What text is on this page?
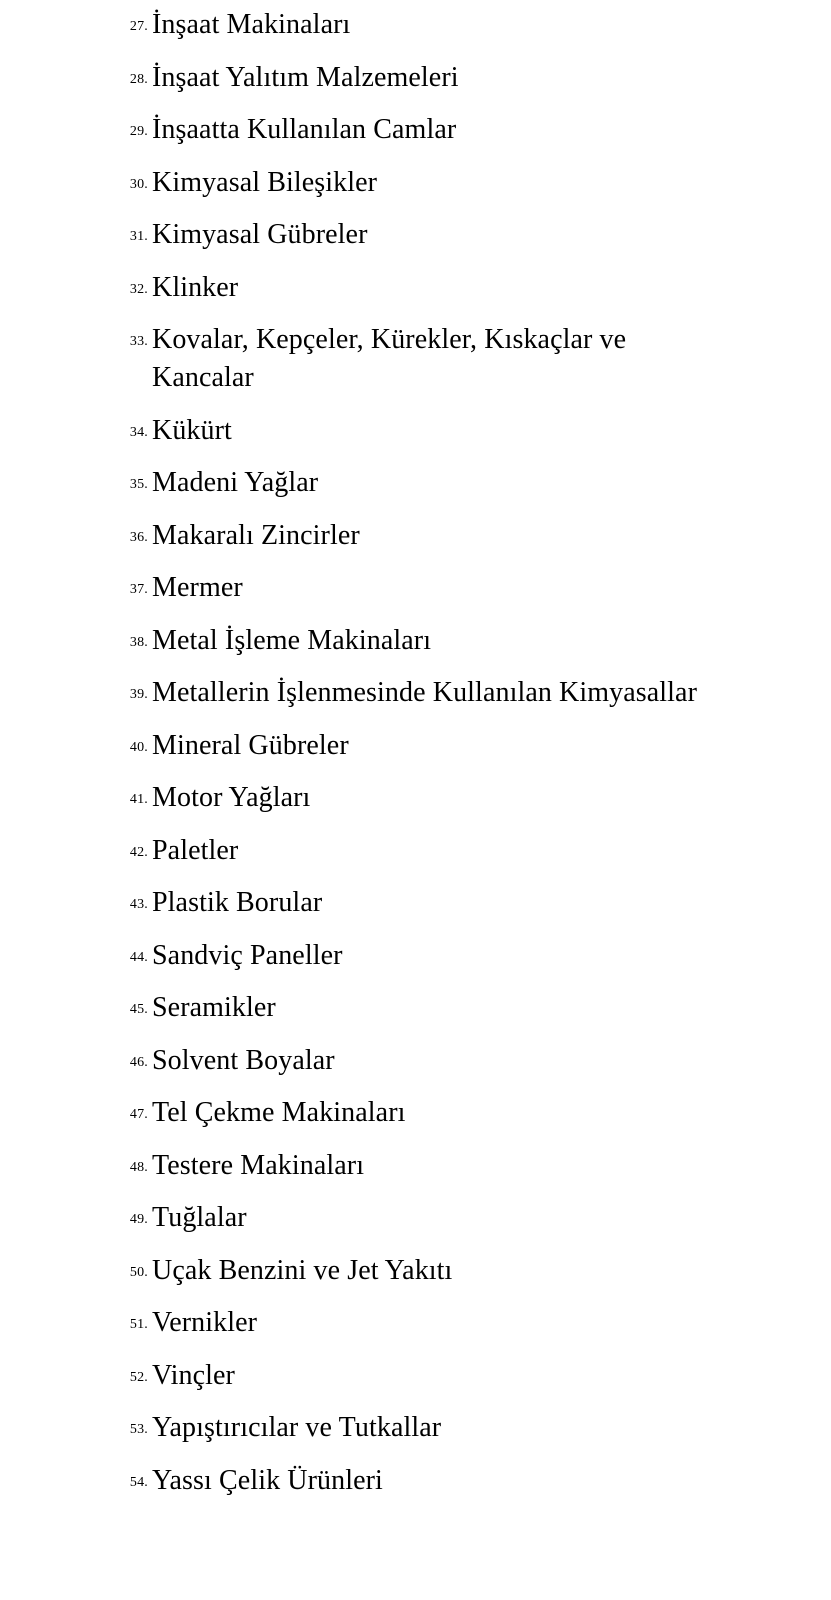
27. İnşaat Makinaları
28. İnşaat Yalıtım Malzemeleri
29. İnşaatta Kullanılan Camlar
30. Kimyasal Bileşikler
31. Kimyasal Gübreler
32. Klinker
33. Kovalar, Kepçeler, Kürekler, Kıskaçlar ve Kancalar
34. Kükürt
35. Madeni Yağlar
36. Makaralı Zincirler
37. Mermer
38. Metal İşleme Makinaları
39. Metallerin İşlenmesinde Kullanılan Kimyasallar
40. Mineral Gübreler
41. Motor Yağları
42. Paletler
43. Plastik Borular
44. Sandviç Paneller
45. Seramikler
46. Solvent Boyalar
47. Tel Çekme Makinaları
48. Testere Makinaları
49. Tuğlalar
50. Uçak Benzini ve Jet Yakıtı
51. Vernikler
52. Vinçler
53. Yapıştırıcılar ve Tutkallar
54. Yassı Çelik Ürünleri
